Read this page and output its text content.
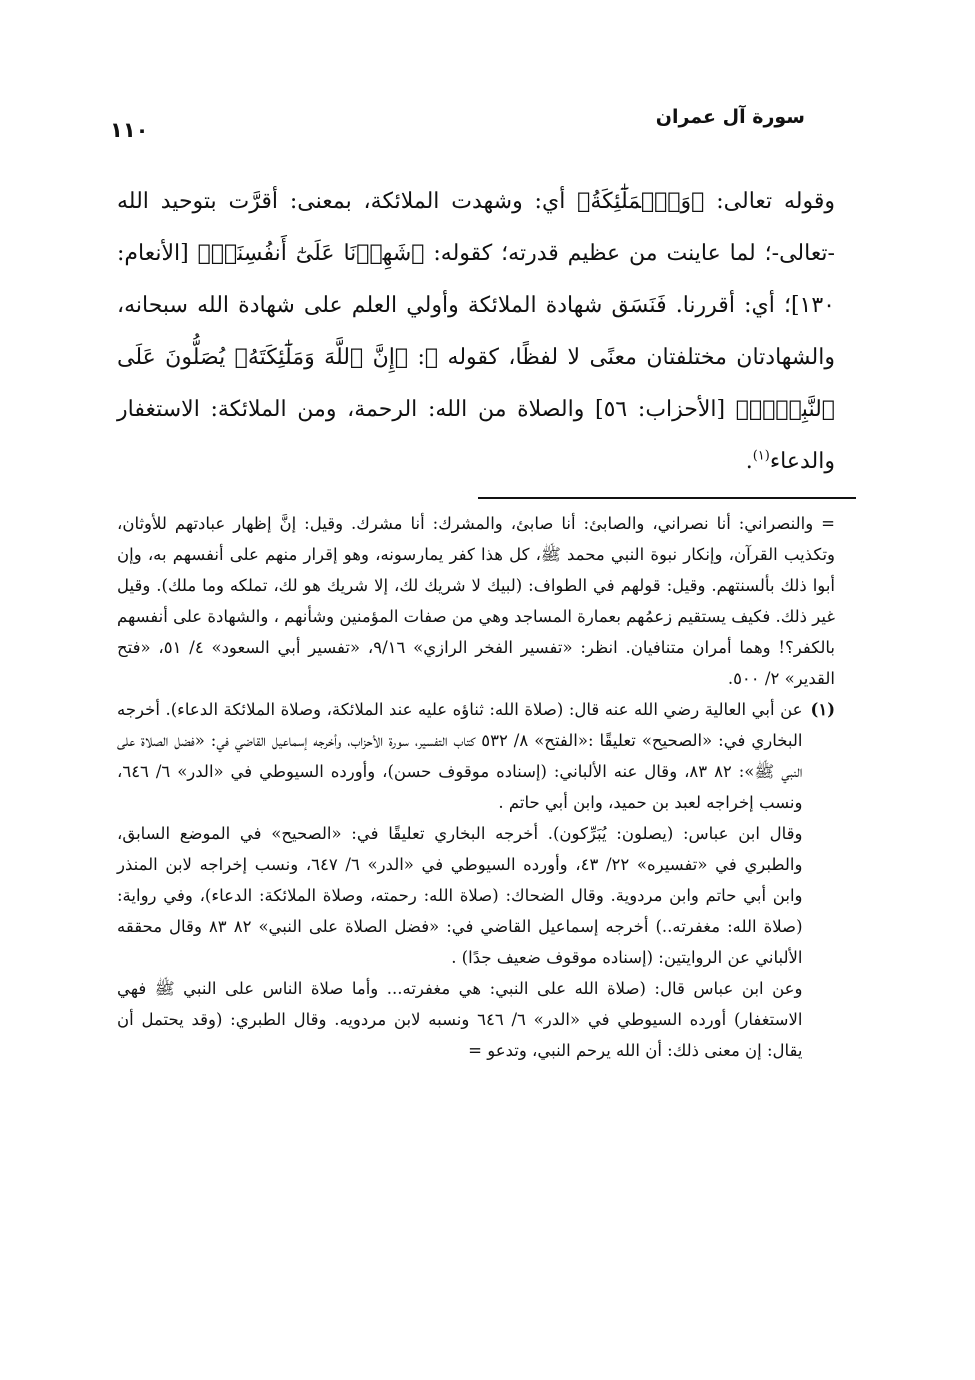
سورة آل عمران
١١٠

وقوله تعالى: ﴿وَٱلۡمَلَٰٓئِكَةُ﴾ أي: وشهدت الملائكة، بمعنى: أقرَّت بتوحيد الله -تعالى-؛ لما عاينت من عظيم قدرته؛ كقوله: ﴿شَهِدۡنَا عَلَىٰٓ أَنفُسِنَاۖ﴾ [الأنعام: ١٣٠]؛ أي: أقررنا. فَنَسَق شهادة الملائكة وأولي العلم على شهادة الله سبحانه، والشهادتان مختلفتان معنًى لا لفظًا، كقوله ﷻ: ﴿إِنَّ ٱللَّهَ وَمَلَٰٓئِكَتَهُۥ يُصَلُّونَ عَلَى ٱلنَّبِيِّۚ﴾ [الأحزاب: ٥٦] والصلاة من الله: الرحمة، ومن الملائكة: الاستغفار والدعاء$^{(١)}$.

= والنصراني: أنا نصراني، والصابئ: أنا صابئ، والمشرك: أنا مشرك. وقيل: إنَّ إظهار عبادتهم للأوثان، وتكذيب القرآن، وإنكار نبوة النبي محمد ﷺ، كل هذا كفر يمارسونه، وهو إقرار منهم على أنفسهم به، وإن أبوا ذلك بألسنتهم. وقيل: قولهم في الطواف: (لبيك لا شريك لك، إلا شريك هو لك، تملكه وما ملك). وقيل غير ذلك. فكيف يستقيم زعمُهم بعمارة المساجد وهي من صفات المؤمنين وشأنهم ، والشهادة على أنفسهم بالكفر؟! وهما أمران متنافيان. انظر: «تفسير الفخر الرازي» ٩/١٦، «تفسير أبي السعود» ٤/ ٥١، «فتح القدير» ٢/ ٥٠٠.

(١)

عن أبي العالية رضي الله عنه قال: (صلاة الله: ثناؤه عليه عند الملائكة، وصلاة الملائكة الدعاء). أخرجه البخاري في: «الصحيح» تعليقًا :«الفتح» ٨/ ٥٣٢ كتاب التفسير، سورة الأحزاب، وأخرجه إسماعيل القاضي في: «فضل الصلاة على النبي ﷺ»: ٨٢ ٨٣، وقال عنه الألباني: (إسناده موقوف حسن)، وأورده السيوطي في «الدر» ٦/ ٦٤٦، ونسب إخراجه لعبد بن حميد، وابن أبي حاتم .

وقال ابن عباس: (يصلون: يُبَرِّكون). أخرجه البخاري تعليقًا في: «الصحيح» في الموضع السابق، والطبري في «تفسيره» ٢٢/ ٤٣، وأورده السيوطي في «الدر» ٦/ ٦٤٧، ونسب إخراجه لابن المنذر وابن أبي حاتم وابن مردوية. وقال الضحاك: (صلاة الله: رحمته، وصلاة الملائكة: الدعاء)، وفي رواية: (صلاة الله: مغفرته..) أخرجه إسماعيل القاضي في: «فضل الصلاة على النبي» ٨٢ ٨٣ وقال محققه الألباني عن الروايتين: (إسناده موقوف ضعيف جدًا) .

وعن ابن عباس قال: (صلاة الله على النبي: هي مغفرته... وأما صلاة الناس على النبي ﷺ فهي الاستغفار) أورده السيوطي في «الدر» ٦/ ٦٤٦ ونسبه لابن مردويه. وقال الطبري: (وقد يحتمل أن يقال: إن معنى ذلك: أن الله يرحم النبي، وتدعو =
